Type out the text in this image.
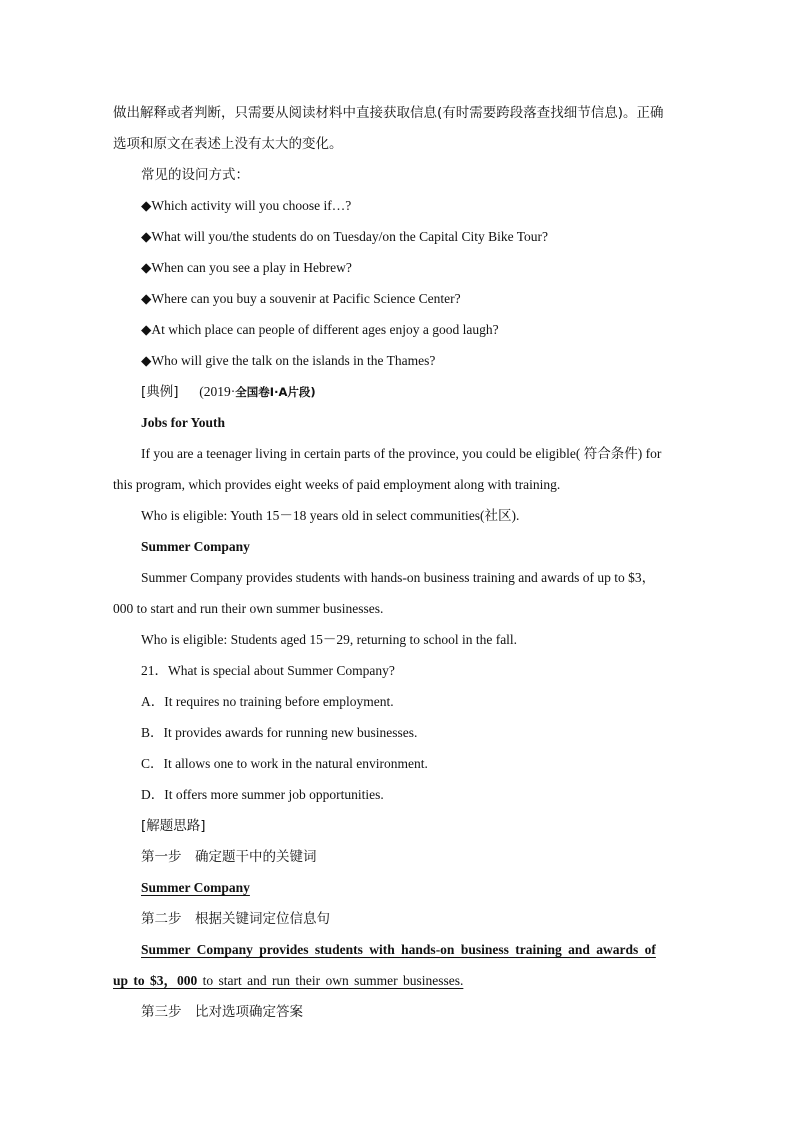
做出解释或者判断，只需要从阅读材料中直接获取信息(有时需要跨段落查找细节信息)。正确
选项和原文在表述上没有太大的变化。
常见的设问方式：
◆Which activity will you choose if…?
◆What will you/the students do on Tuesday/on the Capital City Bike Tour?
◆When can you see a play in Hebrew?
◆Where can you buy a souvenir at Pacific Science Center?
◆At which place can people of different ages enjoy a good laugh?
◆Who will give the talk on the islands in the Thames?
[典例] (2019·全国卷Ⅰ·A片段)
Jobs for Youth
If you are a teenager living in certain parts of the province, you could be eligible( 符合条件) for
this program, which provides eight weeks of paid employment along with training.
Who is eligible: Youth 15－18 years old in select communities(社区).
Summer Company
Summer Company provides students with hands-on business training and awards of up to $3，
000 to start and run their own summer businesses.
Who is eligible: Students aged 15－29, returning to school in the fall.
21．What is special about Summer Company?
A．It requires no training before employment.
B．It provides awards for running new businesses.
C．It allows one to work in the natural environment.
D．It offers more summer job opportunities.
[解题思路]
第一步　确定题干中的关键词
Summer Company
第二步　根据关键词定位信息句
Summer Company provides students with hands-on business training and awards of
up to $3，000 to start and run their own summer businesses.
第三步　比对选项确定答案
